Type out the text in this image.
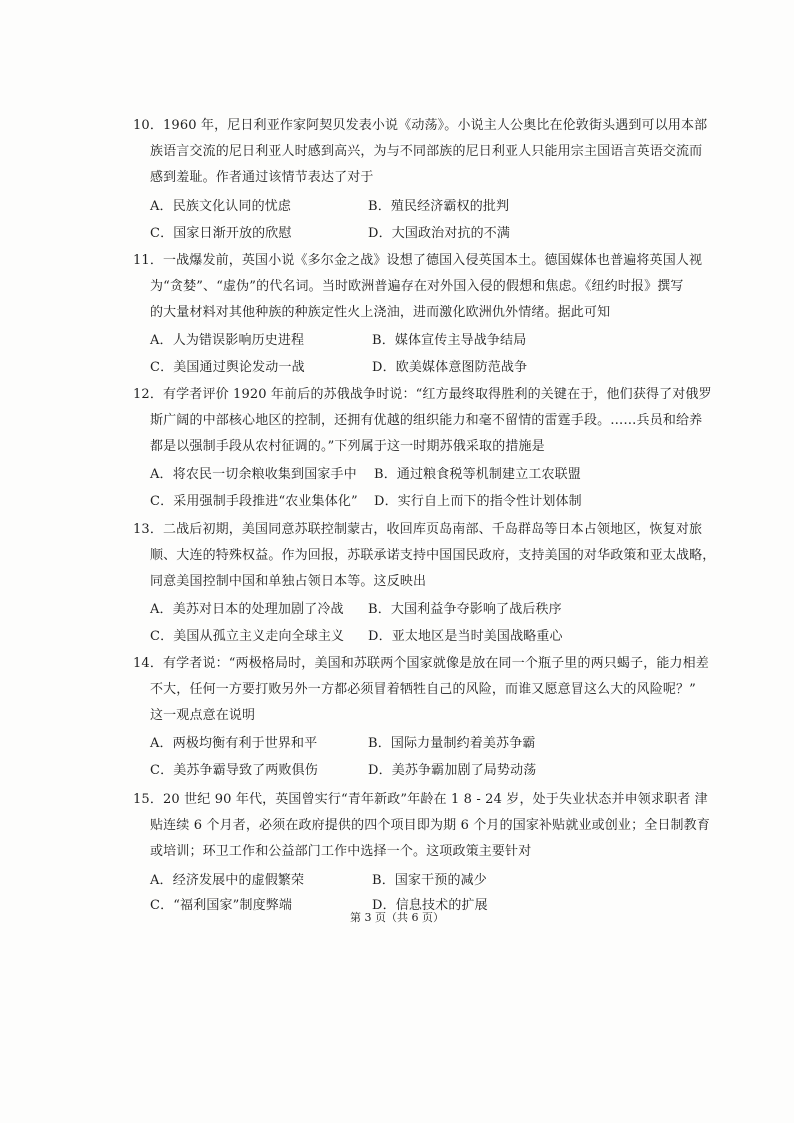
10．1960 年，尼日利亚作家阿契贝发表小说《动荡》。小说主人公奥比在伦敦街头遇到可以用本部
族语言交流的尼日利亚人时感到高兴，为与不同部族的尼日利亚人只能用宗主国语言英语交流而
感到羞耻。作者通过该情节表达了对于
A．民族文化认同的忧虑	B．殖民经济霸权的批判
C．国家日渐开放的欣慰	D．大国政治对抗的不满
11．一战爆发前，英国小说《多尔金之战》设想了德国入侵英国本土。德国媒体也普遍将英国人视
为“贪婪”、“虚伪”的代名词。当时欧洲普遍存在对外国入侵的假想和焦虑。《纽约时报》撰写
的大量材料对其他种族的种族定性火上浇油，进而激化欧洲仇外情绪。据此可知
A．人为错误影响历史进程	B．媒体宣传主导战争结局
C．美国通过舆论发动一战	D．欧美媒体意图防范战争
12．有学者评价 1920 年前后的苏俄战争时说：“红方最终取得胜利的关键在于，他们获得了对俄罗
斯广阔的中部核心地区的控制，还拥有优越的组织能力和毫不留情的雷霆手段。……兵员和给养
都是以强制手段从农村征调的。”下列属于这一时期苏俄采取的措施是
A．将农民一切余粮收集到国家手中 B．通过粮食税等机制建立工农联盟
C．采用强制手段推进“农业集体化” D．实行自上而下的指令性计划体制
13．二战后初期，美国同意苏联控制蒙古，收回库页岛南部、千岛群岛等日本占领地区，恢复对旅
顺、大连的特殊权益。作为回报，苏联承诺支持中国国民政府，支持美国的对华政策和亚太战略，
同意美国控制中国和单独占领日本等。这反映出
A．美苏对日本的处理加剧了冷战 B．大国利益争夺影响了战后秩序
C．美国从孤立主义走向全球主义 D．亚太地区是当时美国战略重心
14．有学者说：“两极格局时，美国和苏联两个国家就像是放在同一个瓶子里的两只蝎子，能力相差
不大，任何一方要打败另外一方都必须冒着牺牲自己的风险，而谁又愿意冒这么大的风险呢？”
这一观点意在说明
A．两极均衡有利于世界和平	B．国际力量制约着美苏争霸
C．美苏争霸导致了两败俱伤	D．美苏争霸加剧了局势动荡
15．20 世纪 90 年代，英国曾实行“青年新政”年龄在 1 8 - 24 岁，处于失业状态并申领求职者 津
贴连续 6 个月者，必须在政府提供的四个项目即为期 6 个月的国家补贴就业或创业；全日制教育
或培训；环卫工作和公益部门工作中选择一个。这项政策主要针对
A．经济发展中的虚假繁荣	B．国家干预的减少
C．“福利国家”制度弊端	D．信息技术的扩展
第 3 页（共 6 页）
